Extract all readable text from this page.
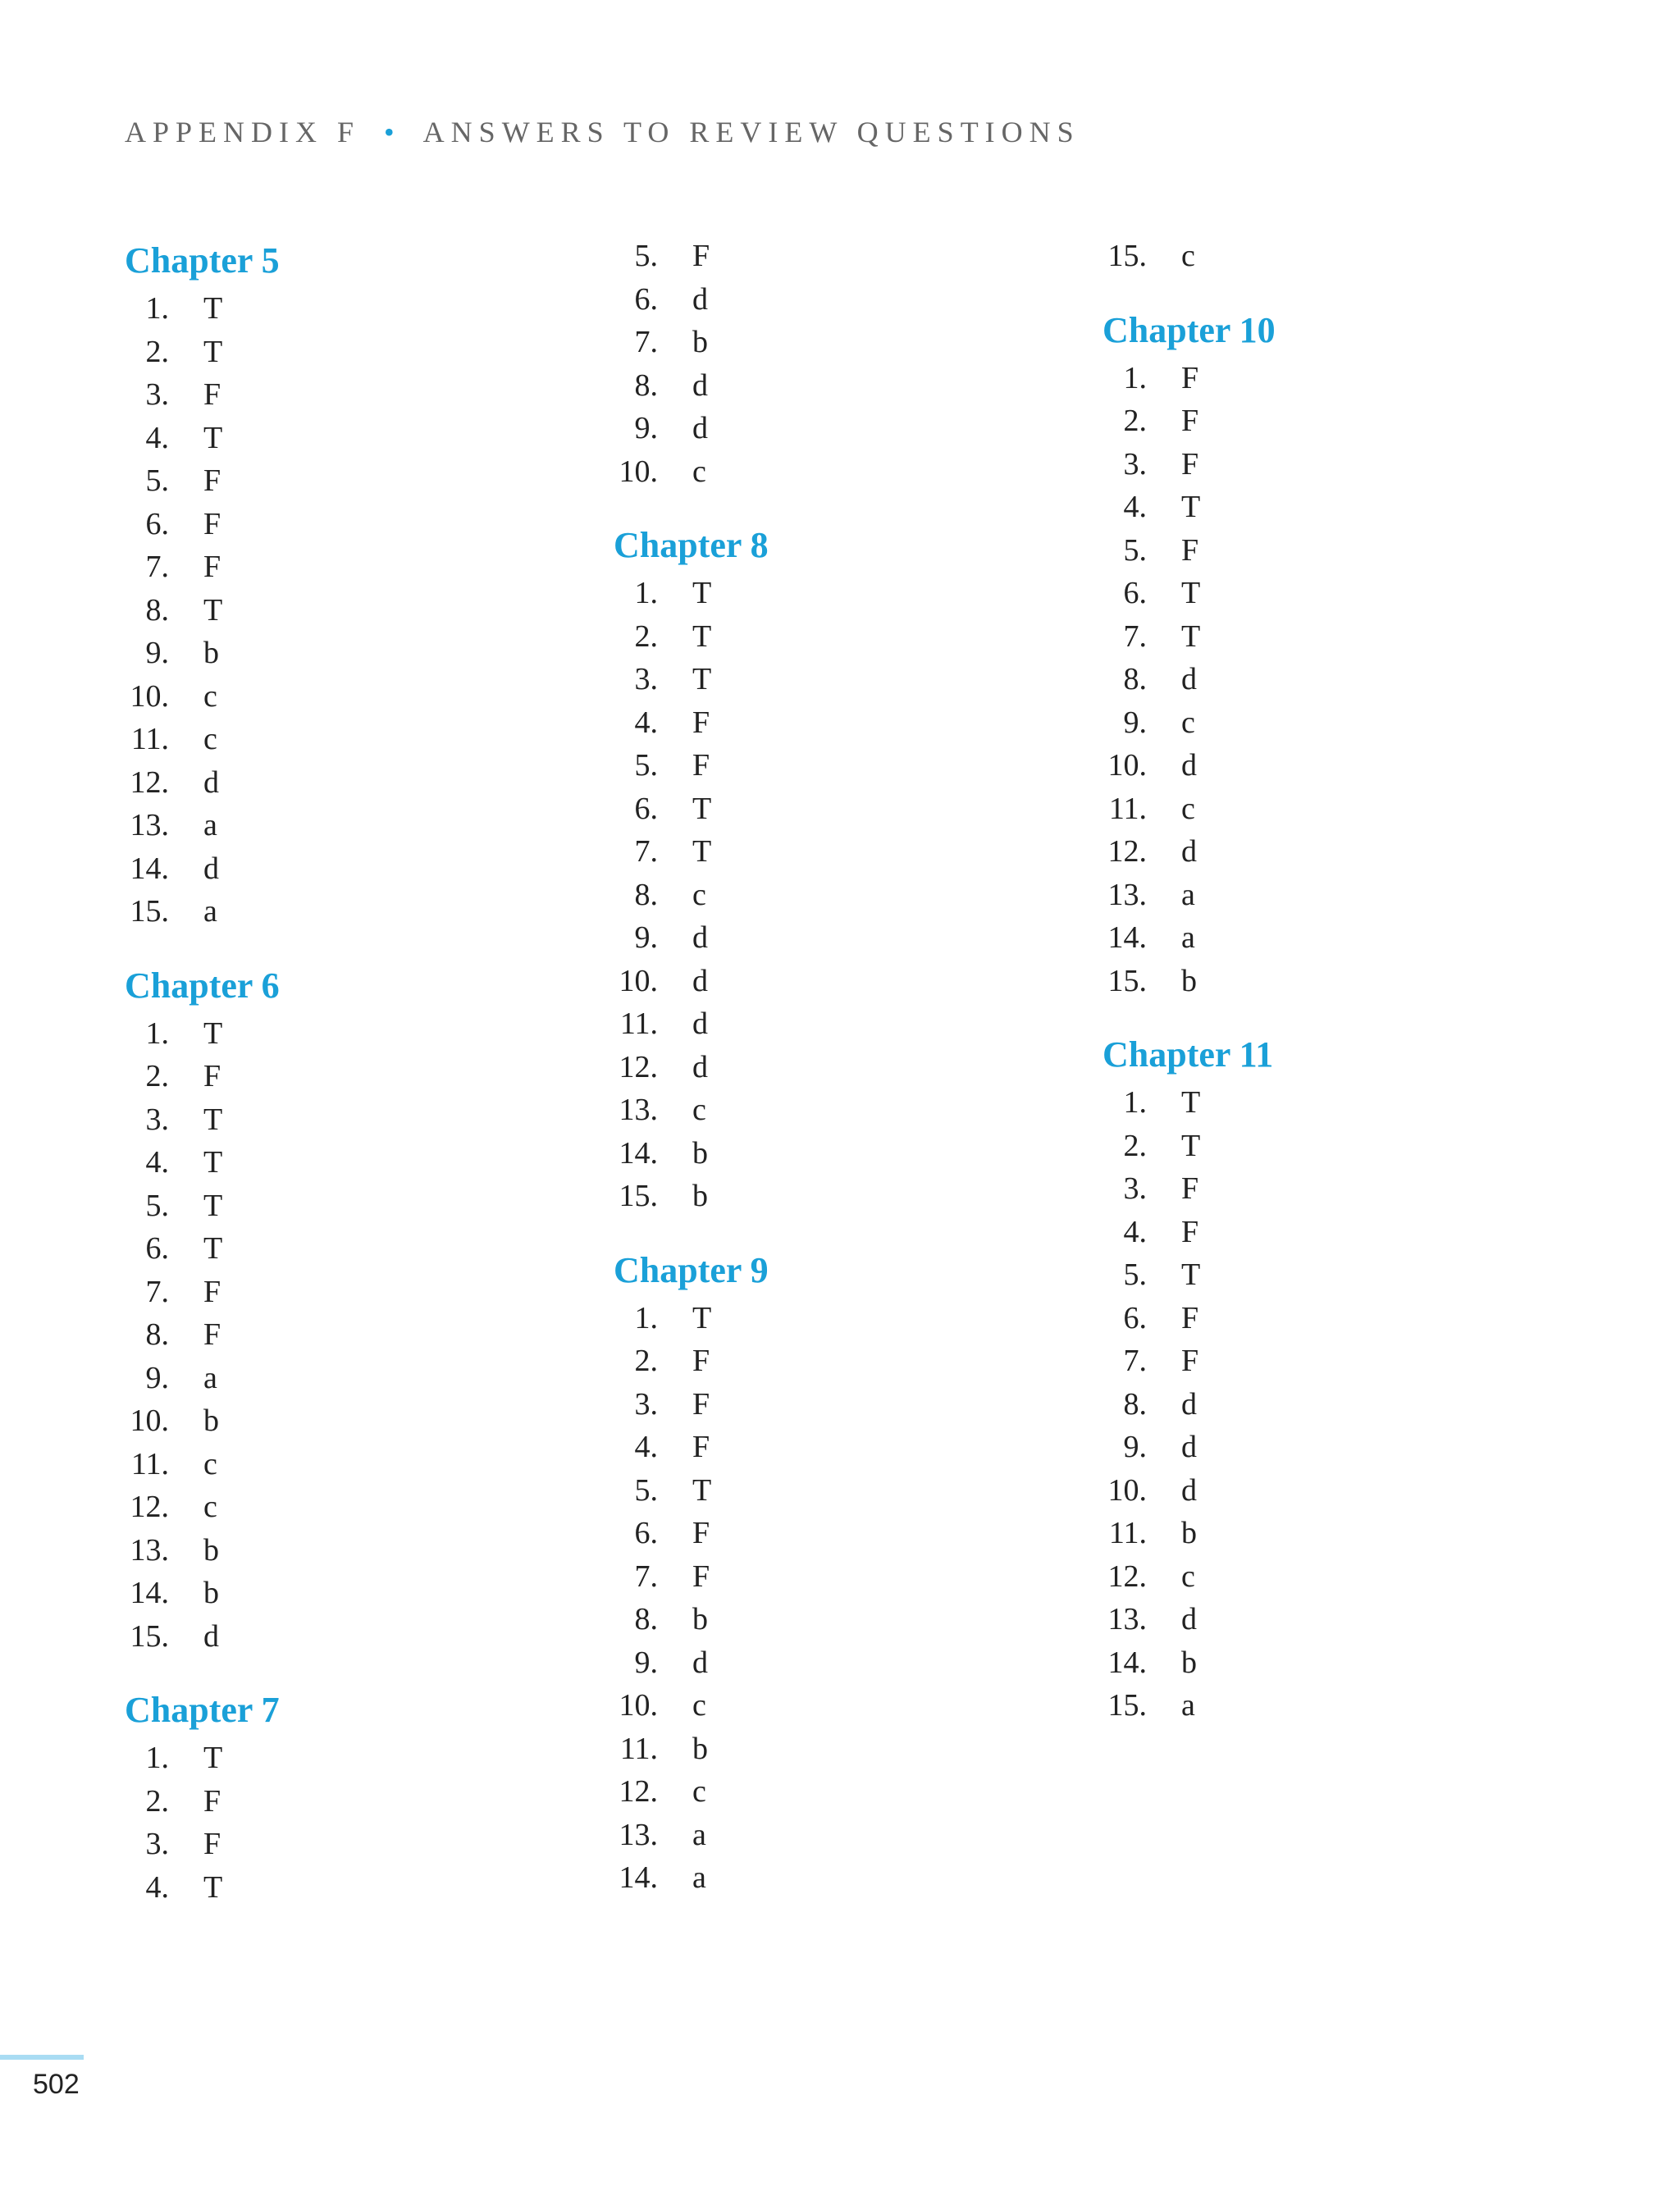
APPENDIX F • ANSWERS TO REVIEW QUESTIONS
Chapter 5
1. T
2. T
3. F
4. T
5. F
6. F
7. F
8. T
9. b
10. c
11. c
12. d
13. a
14. d
15. a
Chapter 6
1. T
2. F
3. T
4. T
5. T
6. T
7. F
8. F
9. a
10. b
11. c
12. c
13. b
14. b
15. d
Chapter 7
1. T
2. F
3. F
4. T
5. F
6. d
7. b
8. d
9. d
10. c
Chapter 8
1. T
2. T
3. T
4. F
5. F
6. T
7. T
8. c
9. d
10. d
11. d
12. d
13. c
14. b
15. b
Chapter 9
1. T
2. F
3. F
4. F
5. T
6. F
7. F
8. b
9. d
10. c
11. b
12. c
13. a
14. a
15. c
Chapter 10
1. F
2. F
3. F
4. T
5. F
6. T
7. T
8. d
9. c
10. d
11. c
12. d
13. a
14. a
15. b
Chapter 11
1. T
2. T
3. F
4. F
5. T
6. F
7. F
8. d
9. d
10. d
11. b
12. c
13. d
14. b
15. a
502
